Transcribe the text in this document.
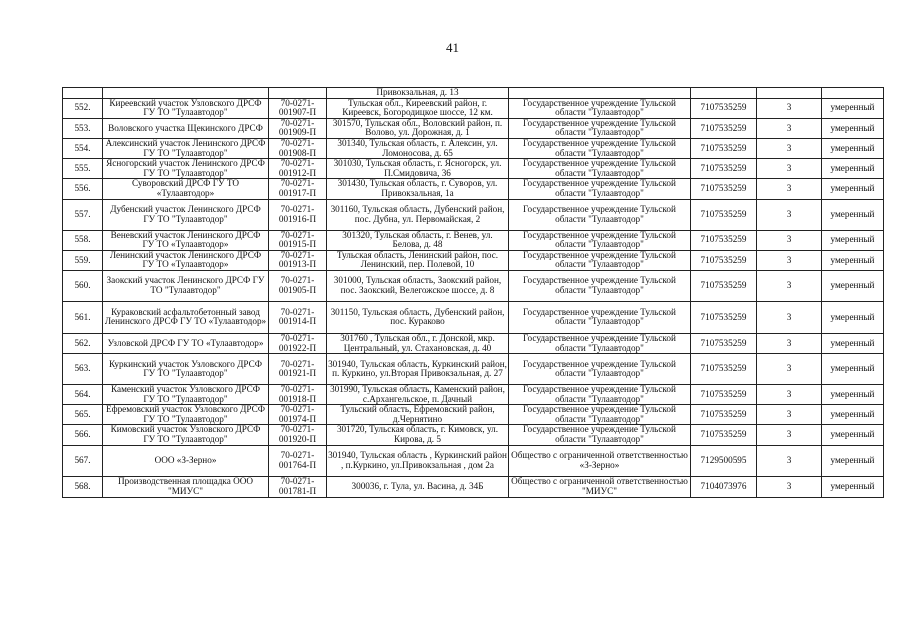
41
			Привокзальная, д. 13				
552.	Киреевский участок Узловского ДРСФ ГУ ТО "Тулаавтодор"	70-0271-001907-П	Тульская обл., Киреевский район, г. Киреевск, Богородицкое шоссе, 12 км.	Государственное учреждение Тульской области "Тулаавтодор"	7107535259	3	умеренный
553.	Воловского участка Щекинского ДРСФ	70-0271-001909-П	301570, Тульская обл., Воловский район, п. Волово, ул. Дорожная, д. 1	Государственное учреждение Тульской области "Тулаавтодор"	7107535259	3	умеренный
554.	Алексинский участок Ленинского ДРСФ ГУ ТО "Тулаавтодор"	70-0271-001908-П	301340, Тульская область, г. Алексин, ул. Ломоносова, д. 65	Государственное учреждение Тульской области "Тулаавтодор"	7107535259	3	умеренный
555.	Ясногорский участок Ленинского ДРСФ ГУ ТО "Тулаавтодор"	70-0271-001912-П	301030, Тульская область, г. Ясногорск, ул. П.Смидовича, 36	Государственное учреждение Тульской области "Тулаавтодор"	7107535259	3	умеренный
556.	Суворовский ДРСФ ГУ ТО «Тулаавтодор»	70-0271-001917-П	301430, Тульская область, г. Суворов, ул. Привокзальная, 1а	Государственное учреждение Тульской области "Тулаавтодор"	7107535259	3	умеренный
557.	Дубенский участок Ленинского ДРСФ ГУ ТО "Тулаавтодор"	70-0271-001916-П	301160, Тульская область, Дубенский район, пос. Дубна, ул. Первомайская, 2	Государственное учреждение Тульской области "Тулаавтодор"	7107535259	3	умеренный
558.	Веневский участок Ленинского ДРСФ ГУ ТО «Тулаавтодор»	70-0271-001915-П	301320, Тульская область, г. Венев, ул. Белова, д. 48	Государственное учреждение Тульской области "Тулаавтодор"	7107535259	3	умеренный
559.	Ленинский участок Ленинского ДРСФ ГУ ТО «Тулаавтодор»	70-0271-001913-П	Тульская область, Ленинский район, пос. Ленинский, пер. Полевой, 10	Государственное учреждение Тульской области "Тулаавтодор"	7107535259	3	умеренный
560.	Заокский участок Ленинского ДРСФ ГУ ТО "Тулаавтодор"	70-0271-001905-П	301000, Тульская область, Заокский район, пос. Заокский, Велегожское шоссе, д. 8	Государственное учреждение Тульской области "Тулаавтодор"	7107535259	3	умеренный
561.	Кураковский асфальтобетонный завод Ленинского ДРСФ ГУ ТО «Тулаавтодор»	70-0271-001914-П	301150, Тульская область, Дубенский район, пос. Кураково	Государственное учреждение Тульской области "Тулаавтодор"	7107535259	3	умеренный
562.	Узловской ДРСФ ГУ ТО «Тулаавтодор»	70-0271-001922-П	301760 , Тульская обл., г. Донской, мкр. Центральный, ул. Стахановская, д. 40	Государственное учреждение Тульской области "Тулаавтодор"	7107535259	3	умеренный
563.	Куркинский участок Узловского ДРСФ ГУ ТО "Тулаавтодор"	70-0271-001921-П	301940, Тульская область, Куркинский район, п. Куркино, ул.Вторая Привокзальная, д. 27	Государственное учреждение Тульской области "Тулаавтодор"	7107535259	3	умеренный
564.	Каменский участок Узловского ДРСФ ГУ ТО "Тулаавтодор"	70-0271-001918-П	301990, Тульская область, Каменский район, с.Архангельское, п. Дачный	Государственное учреждение Тульской области "Тулаавтодор"	7107535259	3	умеренный
565.	Ефремовский участок Узловского ДРСФ ГУ ТО "Тулаавтодор"	70-0271-001974-П	Тульский область, Ефремовский район, д.Чернятино	Государственное учреждение Тульской области "Тулаавтодор"	7107535259	3	умеренный
566.	Кимовский участок Узловского ДРСФ ГУ ТО "Тулаавтодор"	70-0271-001920-П	301720, Тульская область, г. Кимовск, ул. Кирова, д. 5	Государственное учреждение Тульской области "Тулаавтодор"	7107535259	3	умеренный
567.	ООО «З-Зерно»	70-0271-001764-П	301940, Тульская область , Куркинский район , п.Куркино, ул.Привокзальная , дом 2а	Общество с ограниченной ответственностью «З-Зерно»	7129500595	3	умеренный
568.	Производственная площадка ООО "МИУС"	70-0271-001781-П	300036, г. Тула, ул. Васина, д. 34Б	Общество с ограниченной ответственностью "МИУС"	7104073976	3	умеренный
